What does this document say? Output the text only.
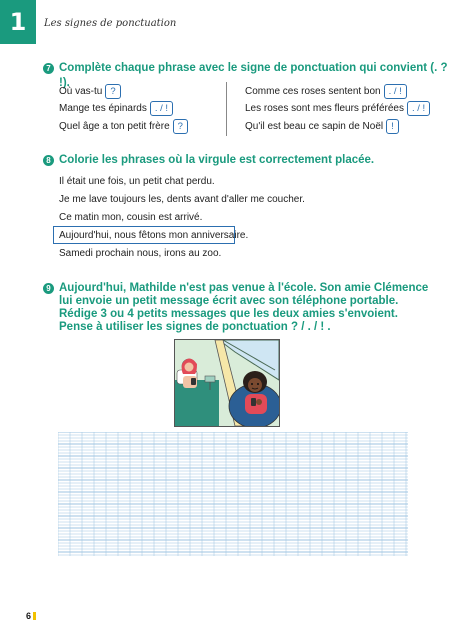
1	Les signes de ponctuation
7 Complète chaque phrase avec le signe de ponctuation qui convient (. ? !).
Où vas-tu ?
Mange tes épinards . / !
Quel âge a ton petit frère ?
Comme ces roses sentent bon . / !
Les roses sont mes fleurs préférées . / !
Qu'il est beau ce sapin de Noël !
8 Colorie les phrases où la virgule est correctement placée.
Il était une fois, un petit chat perdu.
Je me lave toujours les, dents avant d'aller me coucher.
Ce matin mon, cousin est arrivé.
Aujourd'hui, nous fêtons mon anniversaire.
Samedi prochain nous, irons au zoo.
9 Aujourd'hui, Mathilde n'est pas venue à l'école. Son amie Clémence
lui envoie un petit message écrit avec son téléphone portable.
Rédige 3 ou 4 petits messages que les deux amies s'envoient.
Pense à utiliser les signes de ponctuation ? / . / ! .
6
